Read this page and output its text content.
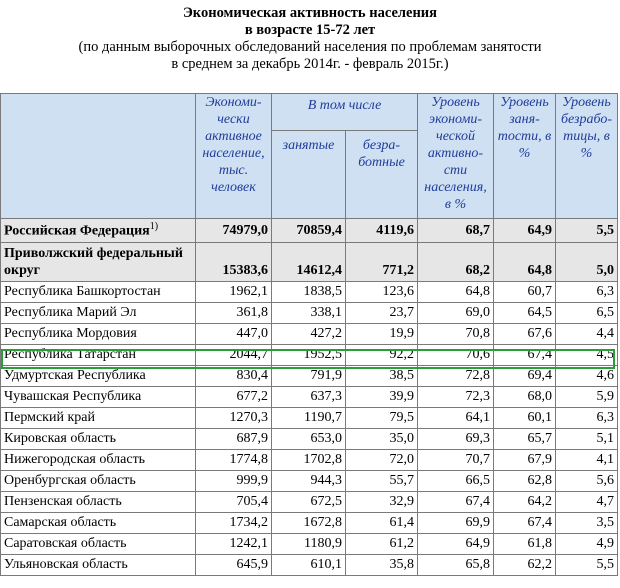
Экономическая активность населения
в возрасте 15-72 лет
(по данным выборочных обследований населения по проблемам занятости
в среднем за декабрь 2014г. - февраль 2015г.)
	Экономи-чески активное население, тыс. человек	В том числе		Уровень экономи-ческой активно-сти населения, в %	Уровень заня-тости, в %	Уровень безрабо-тицы, в %
		занятые	безра-ботные			
Российская Федерация$^{1)}$	74979,0	70859,4	4119,6	68,7	64,9	5,5
Приволжский федеральный округ	15383,6	14612,4	771,2	68,2	64,8	5,0
Республика Башкортостан	1962,1	1838,5	123,6	64,8	60,7	6,3
Республика Марий Эл	361,8	338,1	23,7	69,0	64,5	6,5
Республика Мордовия	447,0	427,2	19,9	70,8	67,6	4,4
Республика Татарстан	2044,7	1952,5	92,2	70,6	67,4	4,5
Удмуртская Республика	830,4	791,9	38,5	72,8	69,4	4,6
Чувашская Республика	677,2	637,3	39,9	72,3	68,0	5,9
Пермский край	1270,3	1190,7	79,5	64,1	60,1	6,3
Кировская область	687,9	653,0	35,0	69,3	65,7	5,1
Нижегородская область	1774,8	1702,8	72,0	70,7	67,9	4,1
Оренбургская область	999,9	944,3	55,7	66,5	62,8	5,6
Пензенская область	705,4	672,5	32,9	67,4	64,2	4,7
Самарская область	1734,2	1672,8	61,4	69,9	67,4	3,5
Саратовская область	1242,1	1180,9	61,2	64,9	61,8	4,9
Ульяновская область	645,9	610,1	35,8	65,8	62,2	5,5
